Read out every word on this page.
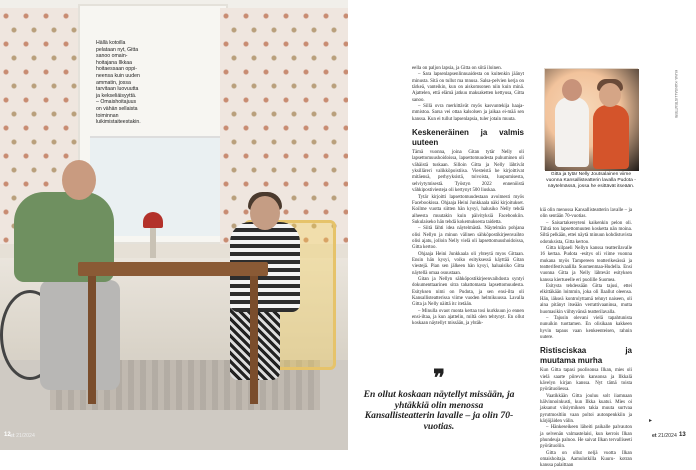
Hällä kotoilla
pelataan nyt, Gitta
sanoo omain-
hoitajana Ilkkaa
hoitaessaan oppi-
neensa kuin uuden
ammatin, jossa
tarvitaan luovuutta
ja kekseliäisyyttä.
– Omaishoitajuus
on vähän sellaista
toiminnan
luikimistaiteestakin.
12 et 21/2024

eella on paljon lapsia, ja Gitta on siitä iloinen.

– Sara lapsenlapsenlinnuaidesta on kuitenkin jäänyt minusta. Sitä on tullut ma mnusa. Salsa-pelvien kerja on tärkeä, vanteikin, kun on aiskomsonen niin kuin minä. Ajattelen, että elämä jatkuu maksaketten kettyusa, Gitta sanoo.

– Sillä ovra merkittävät myös kasvuntekija haaja-mmistoa. Sarsa vei ottaa kalsolsen ja jaikaa ei-mää sen kanssa. Kun ei tullut lapsenlapsia, tuler jotain muuta.

Keskeneräinen ja valmis uuteen

Tämä vuonna, joina Gitan tytär Nelly oli lapsettomuushoidoissa, lapsettomuudesta puhuminen oli vähäistä tuskaan. Silloin Gitta ja Nelly lähtivät yksilläreri valikköpoistiisa. Viesteistä he kirjoittivat mitäensä, perhyyksistä, toivoista, luopumisesta, selviytymisestä. Työstyn 2022 ennenöistä vähkipostiviesteja oli kertynyt 500 liuskaa.

Tytär kirjoitti lapsettomuudestaan avoimesti myös Facebookissa. Ohjaaja Heini Junkkaala näki kirjoitukset. Koilme vuotta siitten hän kysyi, halusiko Nelly tehdä aiheesta muutakin kuin päivityksiä Facebookiin. Sukulaiseko hän tehdä kokemuksesta taidetta.

– Siitä lähti idea näytelmästä. Näytelmän pohjana olisi Nellyn ja minun välinen sähköpostikirjeenvaihto olisi ajatu, jolloin Nelly vielä oli lapsettomuushoidoissa, Gitta kertoo.

Ohjaaja Heini Junkkaala oli yhteytä myos Gittaan. Ensin hän kysyi, voiko esityksessä käyttää Gitan viestejä. Pian sen jälkeen hän kysyi, haluaisiko Gitta näytellä omaa osuustaan.

Gitan ja Nellyn sähköpostikirjeenvaihdosta syntyi dokumenttaarinen sitra tahattomasta lapsettomuudesta. Esityksen nimi on Pudota, ja sen ensi-ilta oli Kansallisteatterissa viime vuoden helmikuussa. Lavalla Gitta ja Nelly näittä itc itetään.

– Minulla ovaot monta kertaa tosi kurkkuun jo ennen ensi-iltaa, ja kun ajattelin, miltä olen tehtynyt. En ollut koskaan näytellyt missään, ja yhtäk-

❞
En ollut koskaan näytellyt missään, ja yhtäkkiä olin menossa Kansallisteatterin lavalle – ja olin 70-vuotias.
KUVA: KANSALLISTEATTERI
Gitta ja tytär Nelly Joutsalainen viime vuonna Kansallisteatterin lavalla Pudota -näytelmässä, jossa he esittävät itseään.

kiä olin menossa Kansallisteatterin lavalle – ja olin sentään 70-vuotias.

– Saisartakereyteni kaikenkin pelon oli. Tähtä ton lapsettomuuten kosketta nän moina. Siltä pelkään, ettei näytä minuun kohdistuvista odotuksista, Gitta kertoo.

Gitta kilpaeli Nellyn kanssa teatterilavalle 16 kertaa. Pudota -esitys oli viime vuonna mukana myös Tampereen teatterikesässä ja teatterifestivaalilla Suomenmaa-Hudella. Ensi vuonna Gitta ja Nelly lähtevät esityksen kanssa kiertueelle eri puolille Suomea.

Esitysta tehdessään Gitta tajusi, ettei elkittäkään loimmin, joka oli Ilaallut oleensa. Hän, iäkseä kontrolyttamä tehnyt naiseen, oli aina pitänyt itseään verrattivaaninsa, mutta huomasikin viihtyvänsä teatterilavalla.

– Tajusin olevani vielä tapahtunista nunuikin tuottamen. En olisikaan kakkeen hyvin tapaus vaan kenkeenteisen, rahnin uutere.

Ristisciskaa ja muutama murha

Kun Gitta tapasi puolisonsa Ilkan, mies oli vielä saarte piirevin kansonsa ja Ilkkalä kävelyn kirjan kanssa. Nyt tämä toista pyörätuoliessa.

Vaatikkään Gitta jouluu solt iiamnaan hälvinnoinkusti, kun Ilkka kuatui. Mies oi jaksanut viisiymiksen takia muuta surtvaa pyrutmosltiin vaan poltoi autonpenkkiin ja kärjöjäiden välin.

– Hänkeseikeen läheiti paikalle palvauton ja selvenän valmastelaisi, kun kerrois Ilkan phundeuja palnoo. He saivat Ilkan tervalliseeti pyörätuoliin.

Gitta on ollut neljä vuotta Ilkan omaishoitaja. Aamulotkilla Kuuru- kotran kanssa palaittaan

▸
et 21/2024 13
